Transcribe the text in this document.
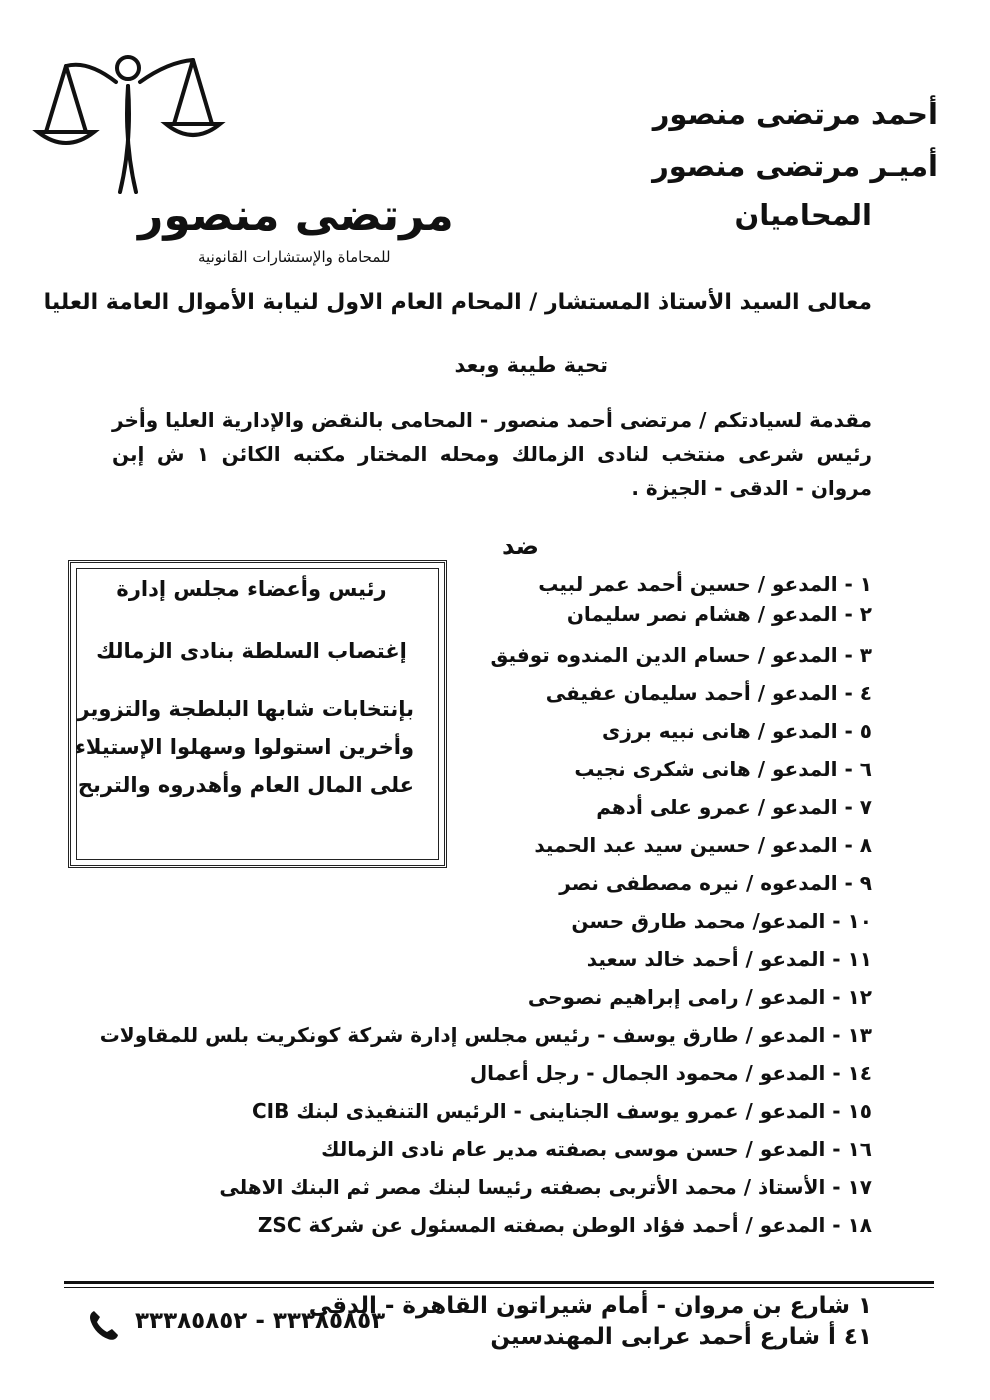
أحمد مرتضى منصور
أميـر مرتضى منصور
المحاميان
مرتضى منصور
للمحاماة والإستشارات القانونية
معالى السيد الأستاذ المستشار / المحام العام الاول لنيابة الأموال العامة العليا
تحية طيبة وبعد
مقدمة لسيادتكم / مرتضى أحمد منصور - المحامى بالنقض والإدارية العليا وأخر رئيس شرعى منتخب لنادى الزمالك ومحله المختار مكتبه الكائن ١ ش إبن مروان - الدقى - الجيزة .
ضد
١ - المدعو / حسين أحمد عمر لبيب
٢ - المدعو / هشام نصر سليمان
٣ - المدعو / حسام الدين المندوه توفيق
٤ - المدعو / أحمد سليمان عفيفى
٥ - المدعو / هانى نبيه برزى
٦ - المدعو / هانى شكرى نجيب
٧ - المدعو / عمرو على أدهم
٨ - المدعو / حسين سيد عبد الحميد
٩ - المدعوه / نيره مصطفى نصر
١٠ - المدعو/ محمد طارق حسن
١١ - المدعو / أحمد خالد سعيد
١٢ - المدعو / رامى إبراهيم نصوحى
١٣ - المدعو / طارق يوسف - رئيس مجلس إدارة شركة كونكريت بلس للمقاولات
١٤ - المدعو / محمود الجمال - رجل أعمال
١٥ - المدعو / عمرو يوسف الجناينى - الرئيس التنفيذى لبنك CIB
١٦ - المدعو / حسن موسى بصفته مدير عام نادى الزمالك
١٧ - الأستاذ / محمد الأتربى بصفته رئيسا لبنك مصر ثم البنك الاهلى
١٨ - المدعو / أحمد فؤاد الوطن بصفته المسئول عن شركة ZSC
رئيس وأعضاء مجلس إدارة
إغتصاب السلطة بنادى الزمالك
بإنتخابات شابها البلطجة والتزوير
وأخرين استولوا وسهلوا الإستيلاء
على المال العام وأهدروه والتربح
١ شارع بن مروان - أمام شيراتون القاهرة - الدقى
٤١ أ شارع أحمد عرابى المهندسين
٣٣٣٨٥٨٥٣ - ٣٣٣٨٥٨٥٢
